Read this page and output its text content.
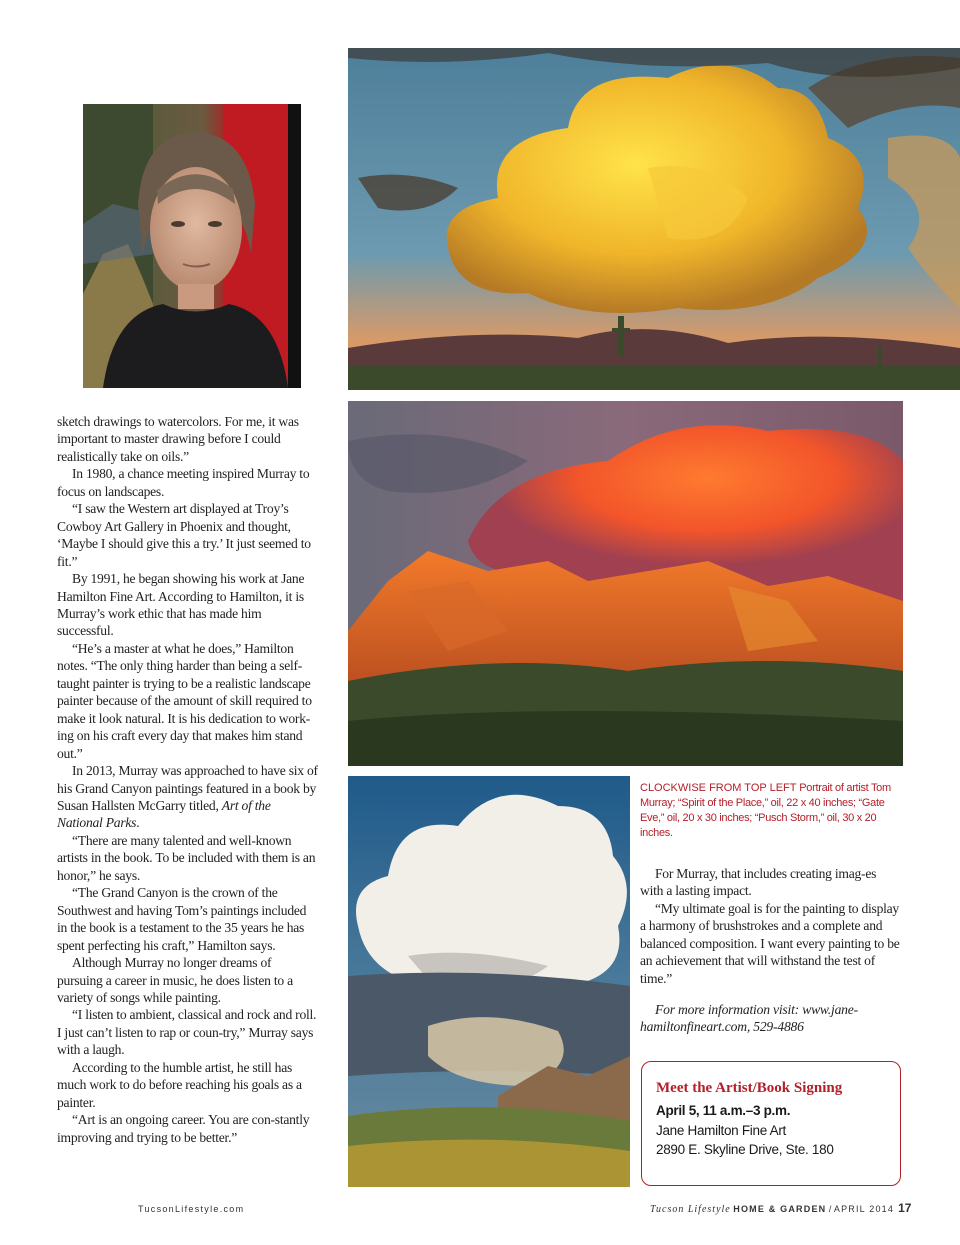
sketch drawings to watercolors. For me, it was important to master drawing before I could realistically take on oils.”

In 1980, a chance meeting inspired Murray to focus on landscapes.

“I saw the Western art displayed at Troy’s Cowboy Art Gallery in Phoenix and thought, ‘Maybe I should give this a try.’ It just seemed to fit.”

By 1991, he began showing his work at Jane Hamilton Fine Art. According to Hamilton, it is Murray’s work ethic that has made him successful.

“He’s a master at what he does,” Hamilton notes. “The only thing harder than being a self-taught painter is trying to be a realistic landscape painter because of the amount of skill required to make it look natural. It is his dedication to work-ing on his craft every day that makes him stand out.”

In 2013, Murray was approached to have six of his Grand Canyon paintings featured in a book by Susan Hallsten McGarry titled, Art of the National Parks.

“There are many talented and well-known artists in the book. To be included with them is an honor,” he says.

“The Grand Canyon is the crown of the Southwest and having Tom’s paintings included in the book is a testament to the 35 years he has spent perfecting his craft,” Hamilton says.

Although Murray no longer dreams of pursuing a career in music, he does listen to a variety of songs while painting.

“I listen to ambient, classical and rock and roll. I just can’t listen to rap or coun-try,” Murray says with a laugh.

According to the humble artist, he still has much work to do before reaching his goals as a painter.

“Art is an ongoing career. You are con-stantly improving and trying to be better.”

CLOCKWISE FROM TOP LEFT Portrait of artist Tom Murray; “Spirit of the Place,” oil, 22 x 40 inches; “Gate Eve,” oil, 20 x 30 inches; “Pusch Storm,” oil, 30 x 20 inches.

For Murray, that includes creating imag-es with a lasting impact.

“My ultimate goal is for the painting to display a harmony of brushstrokes and a complete and balanced composition. I want every painting to be an achievement that will withstand the test of time.”

For more information visit: www.jane-hamiltonfineart.com, 529-4886
Meet the Artist/Book Signing
April 5, 11 a.m.–3 p.m.
Jane Hamilton Fine Art
2890 E. Skyline Drive, Ste. 180
TucsonLifestyle.com	Tucson Lifestyle HOME & GARDEN / APRIL 2014 17
